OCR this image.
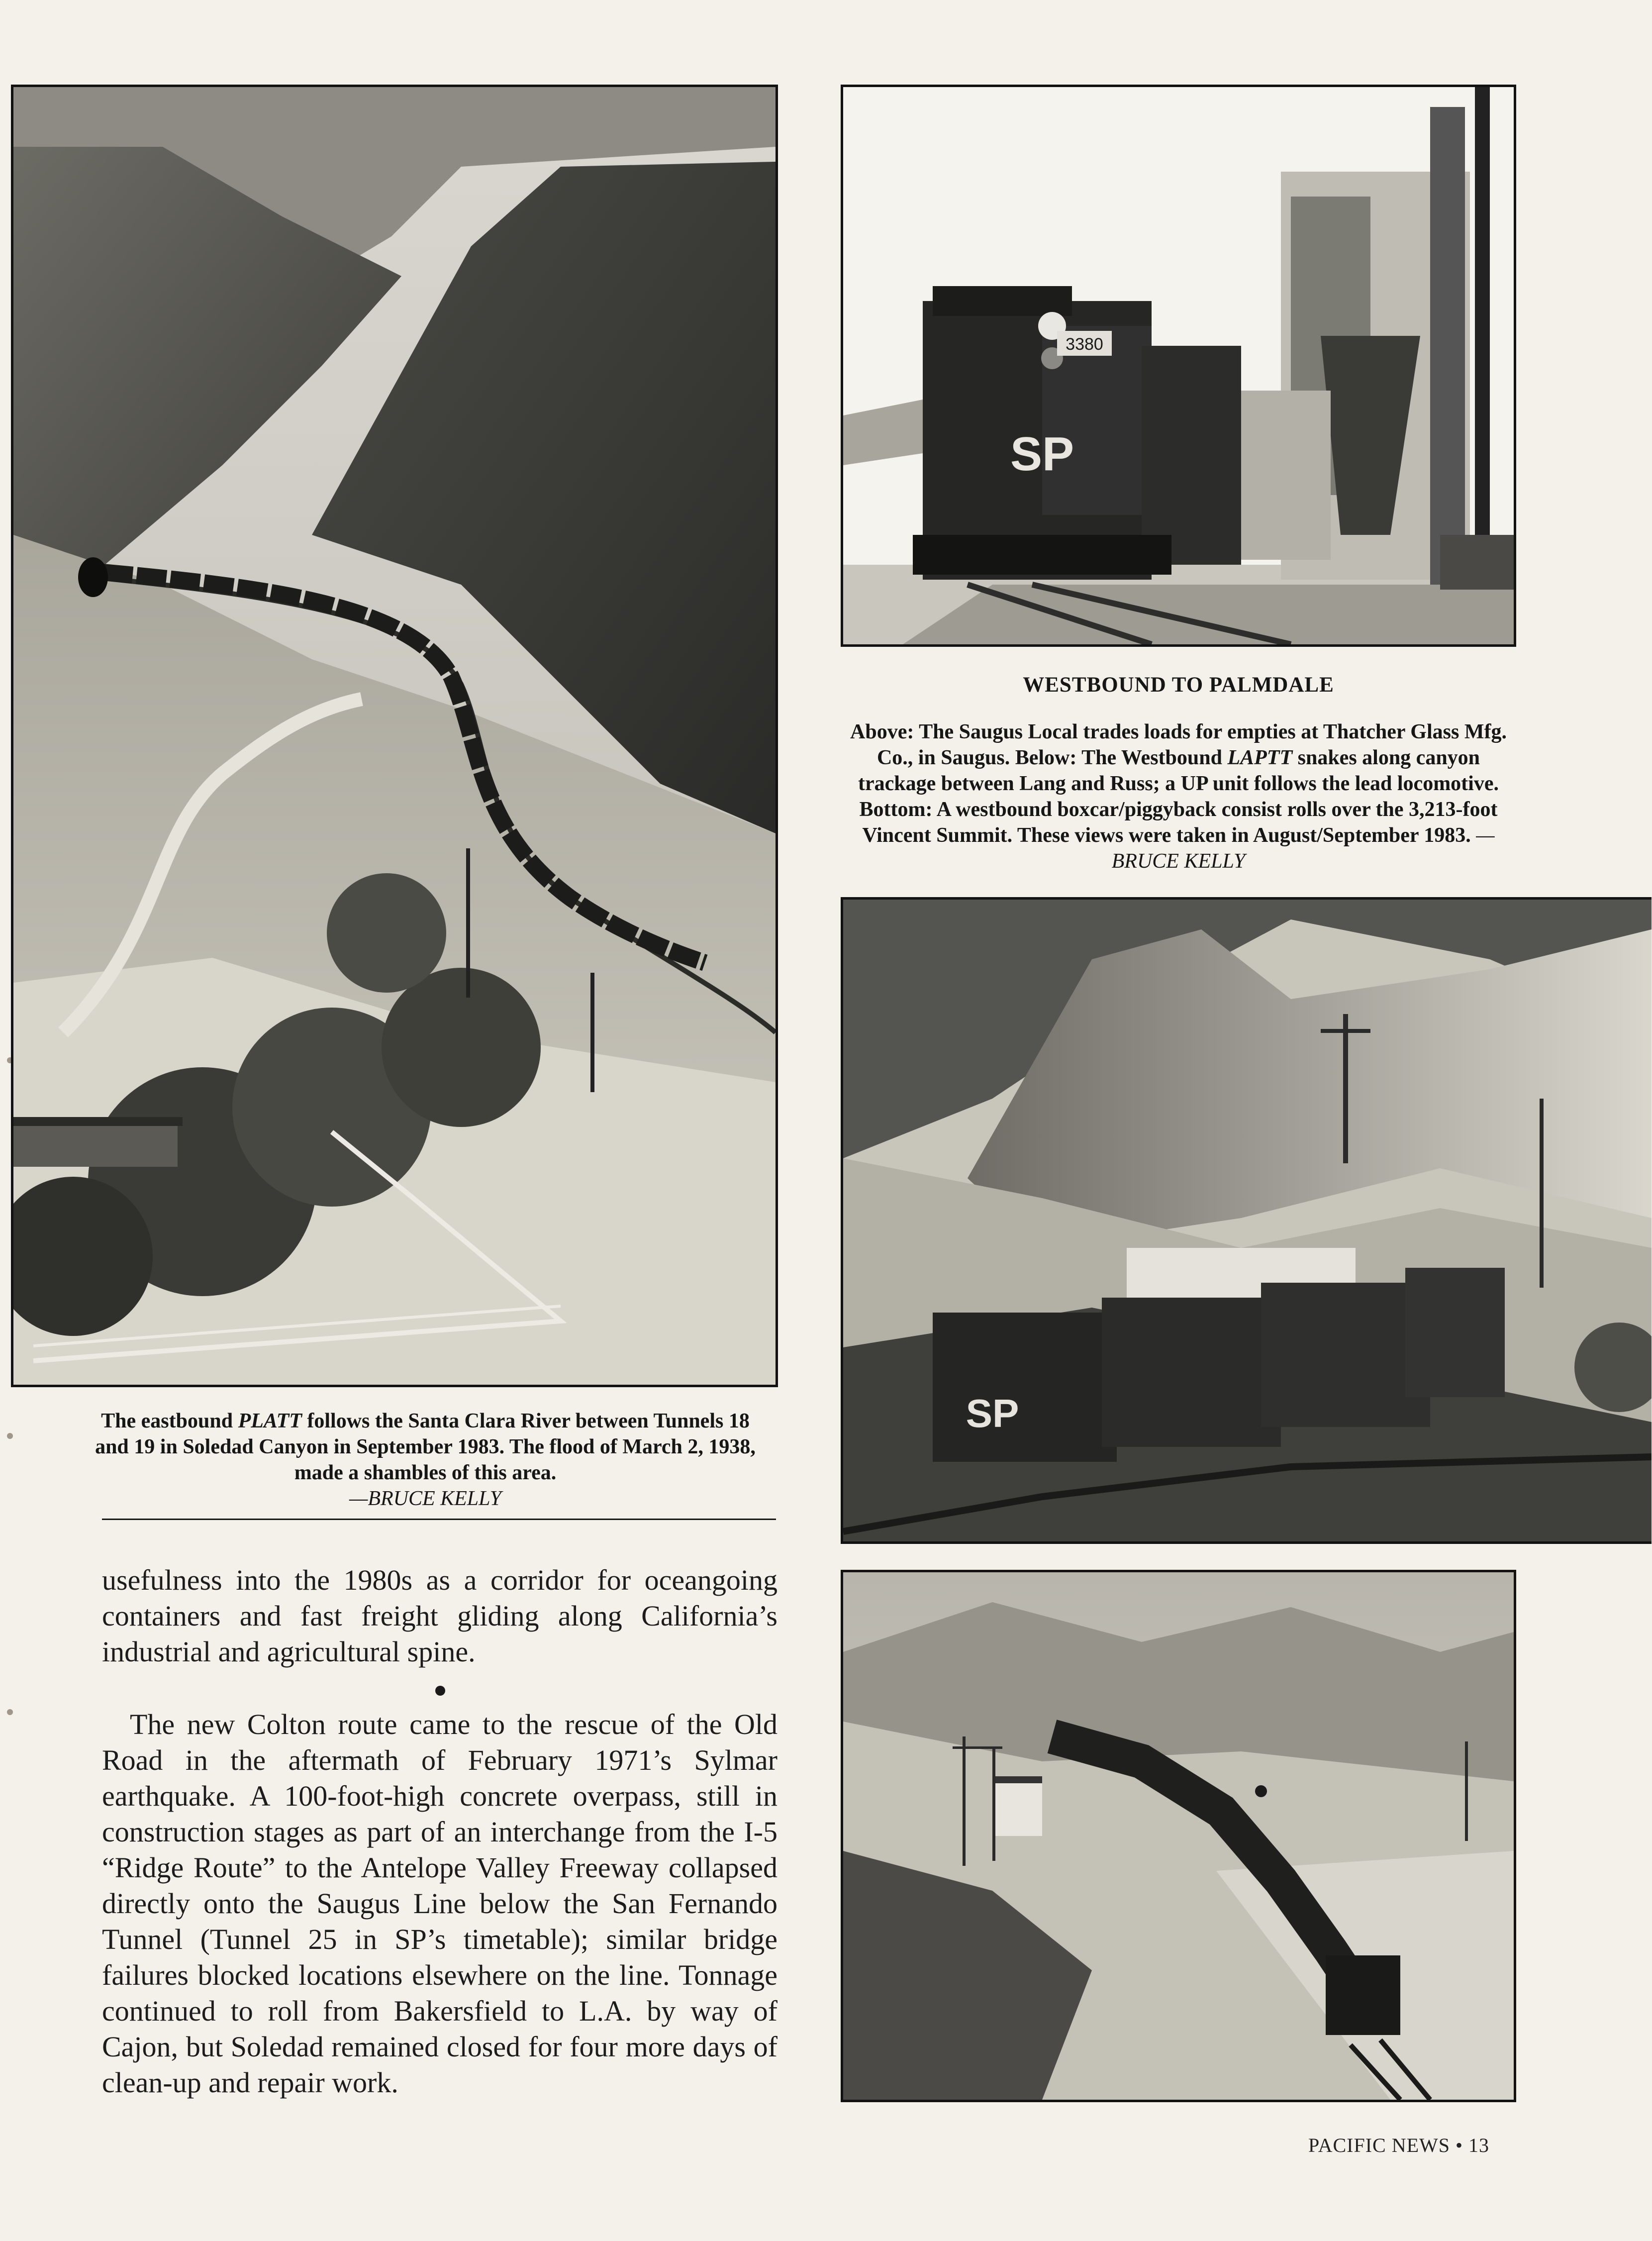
The eastbound PLATT follows the Santa Clara River between Tunnels 18 and 19 in Soledad Canyon in September 1983. The flood of March 2, 1938, made a shambles of this area.
—BRUCE KELLY
3380
SP
WESTBOUND TO PALMDALE
Above: The Saugus Local trades loads for empties at Thatcher Glass Mfg. Co., in Saugus. Below: The Westbound LAPTT snakes along canyon trackage between Lang and Russ; a UP unit follows the lead locomotive. Bottom: A westbound boxcar/piggyback consist rolls over the 3,213-foot Vincent Summit. These views were taken in August/September 1983. —BRUCE KELLY
SP

usefulness into the 1980s as a corridor for oceangoing containers and fast freight gliding along California’s industrial and agricultural spine.

The new Colton route came to the rescue of the Old Road in the aftermath of February 1971’s Sylmar earthquake. A 100-foot-high concrete overpass, still in construction stages as part of an interchange from the I-5 “Ridge Route” to the Antelope Valley Freeway collapsed directly onto the Saugus Line below the San Fernando Tunnel (Tunnel 25 in SP’s timetable); similar bridge failures blocked locations elsewhere on the line. Tonnage continued to roll from Bakersfield to L.A. by way of Cajon, but Soledad remained closed for four more days of clean-up and repair work.

PACIFIC NEWS • 13
